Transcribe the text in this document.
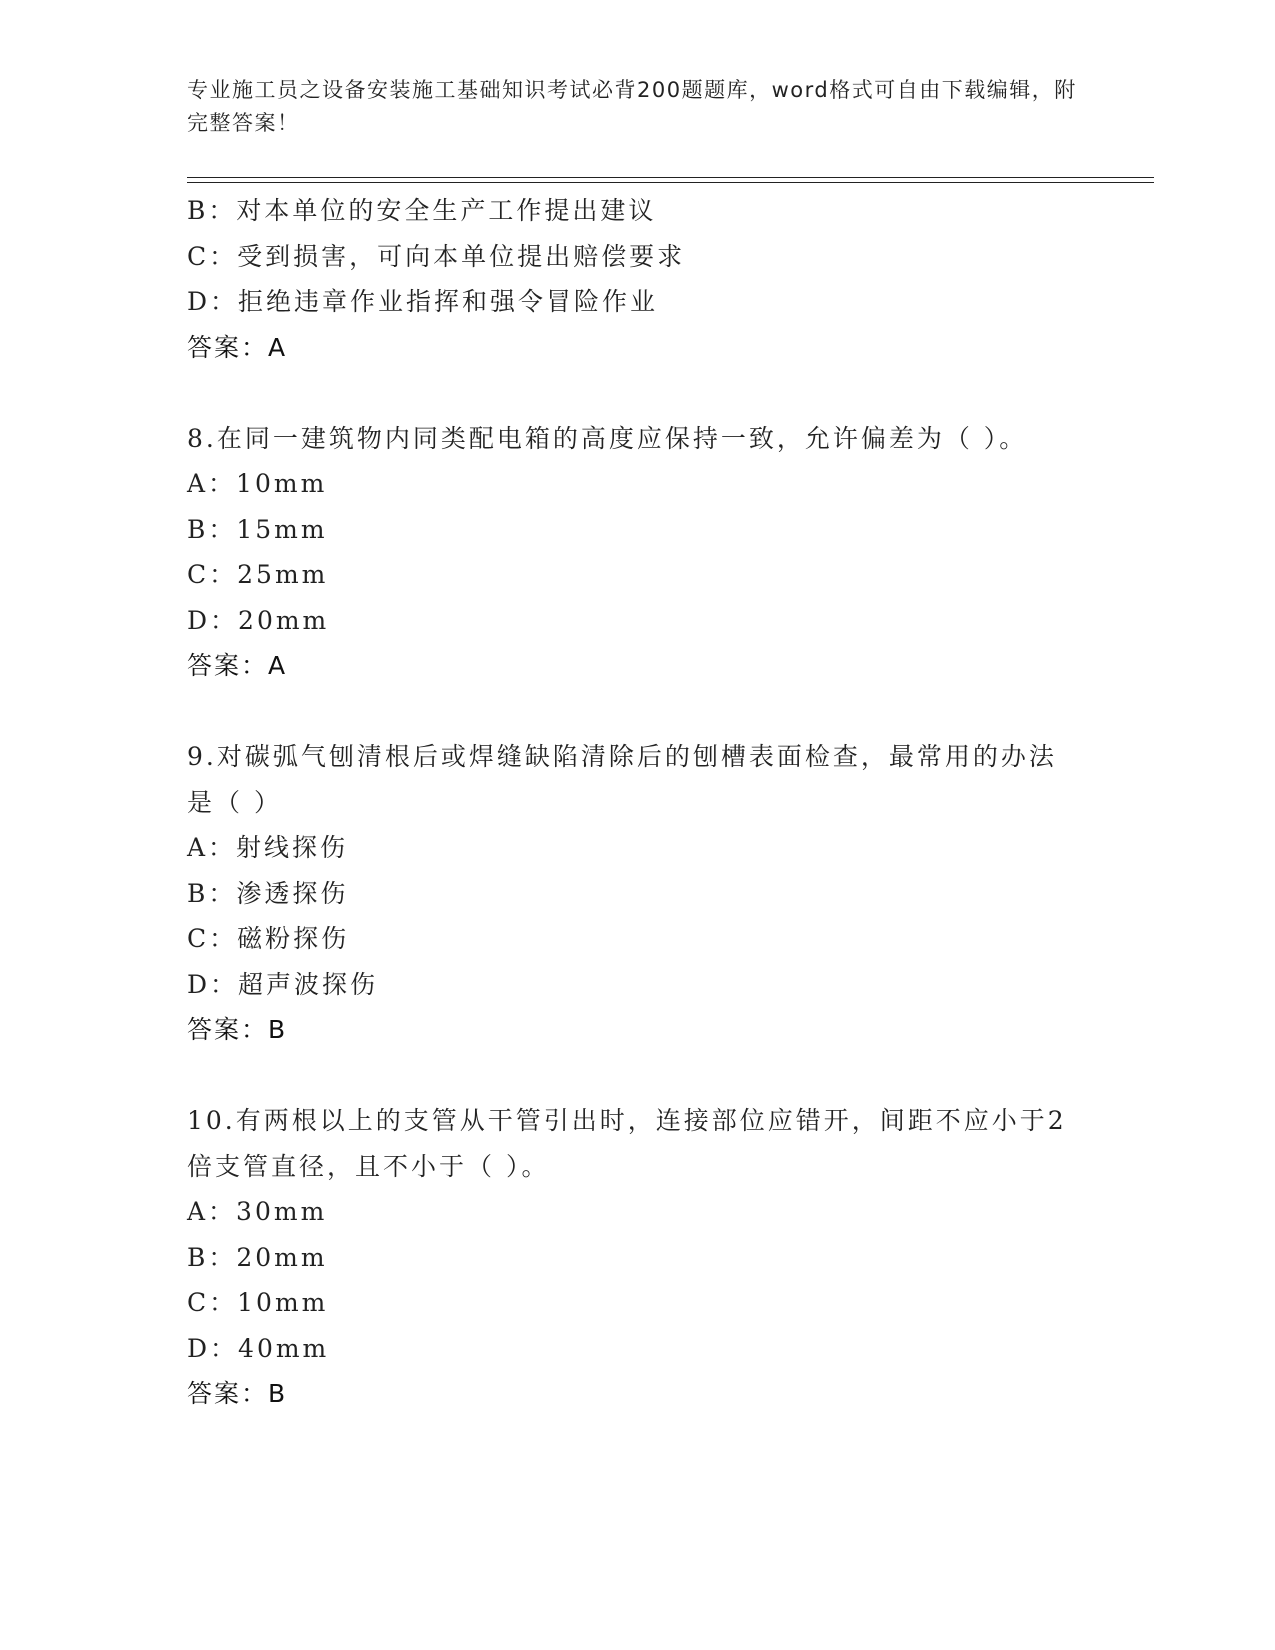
专业施工员之设备安装施工基础知识考试必背200题题库，word格式可自由下载编辑，附完整答案！
B：对本单位的安全生产工作提出建议
C：受到损害，可向本单位提出赔偿要求
D：拒绝违章作业指挥和强令冒险作业
答案：A
8.在同一建筑物内同类配电箱的高度应保持一致，允许偏差为（ ）。
A：10mm
B：15mm
C：25mm
D：20mm
答案：A
9.对碳弧气刨清根后或焊缝缺陷清除后的刨槽表面检查，最常用的办法是（ ）
A：射线探伤
B：渗透探伤
C：磁粉探伤
D：超声波探伤
答案：B
10.有两根以上的支管从干管引出时，连接部位应错开，间距不应小于2倍支管直径，且不小于（ ）。
A：30mm
B：20mm
C：10mm
D：40mm
答案：B
